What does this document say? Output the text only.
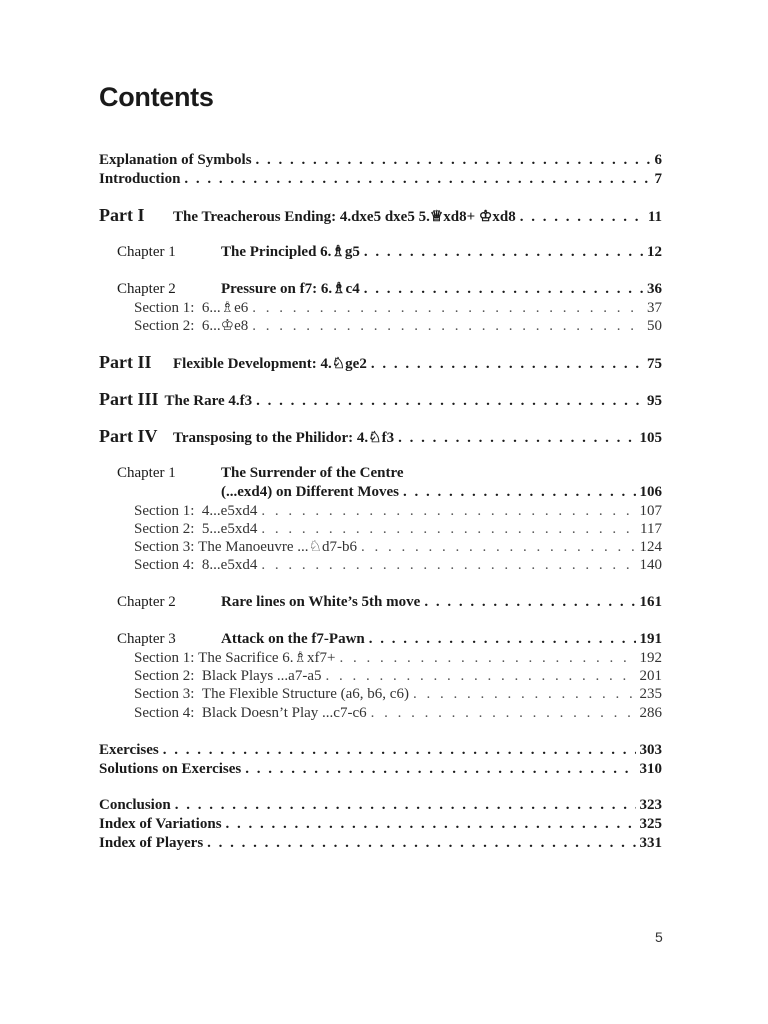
Contents
Explanation of Symbols . . .	6
Introduction . . .	7
Part I The Treacherous Ending: 4.dxe5 dxe5 5.♕xd8+ ♔xd8 . . .	11
Chapter 1	The Principled 6.♗g5 . . .	12
Chapter 2	Pressure on f7: 6.♗c4 . . .	36
Section 1: 6...♗e6 . . .	37
Section 2: 6...♔e8 . . .	50
Part II Flexible Development: 4.♘ge2 . . .	75
Part III The Rare 4.f3 . . .	95
Part IV Transposing to the Philidor: 4.♘f3 . . .	105
Chapter 1	The Surrender of the Centre
(...exd4) on Different Moves . . .	106
Section 1: 4...e5xd4 . . .	107
Section 2: 5...e5xd4 . . .	117
Section 3: The Manoeuvre ...♘d7-b6 . . .	124
Section 4: 8...e5xd4 . . .	140
Chapter 2	Rare lines on White’s 5th move . . .	161
Chapter 3	Attack on the f7-Pawn . . .	191
Section 1: The Sacrifice 6.♗xf7+ . . .	192
Section 2: Black Plays ...a7-a5 . . .	201
Section 3: The Flexible Structure (a6, b6, c6) . . .	235
Section 4: Black Doesn’t Play ...c7-c6 . . .	286
Exercises . . .	303
Solutions on Exercises . . .	310
Conclusion . . .	323
Index of Variations . . .	325
Index of Players . . .	331
5
